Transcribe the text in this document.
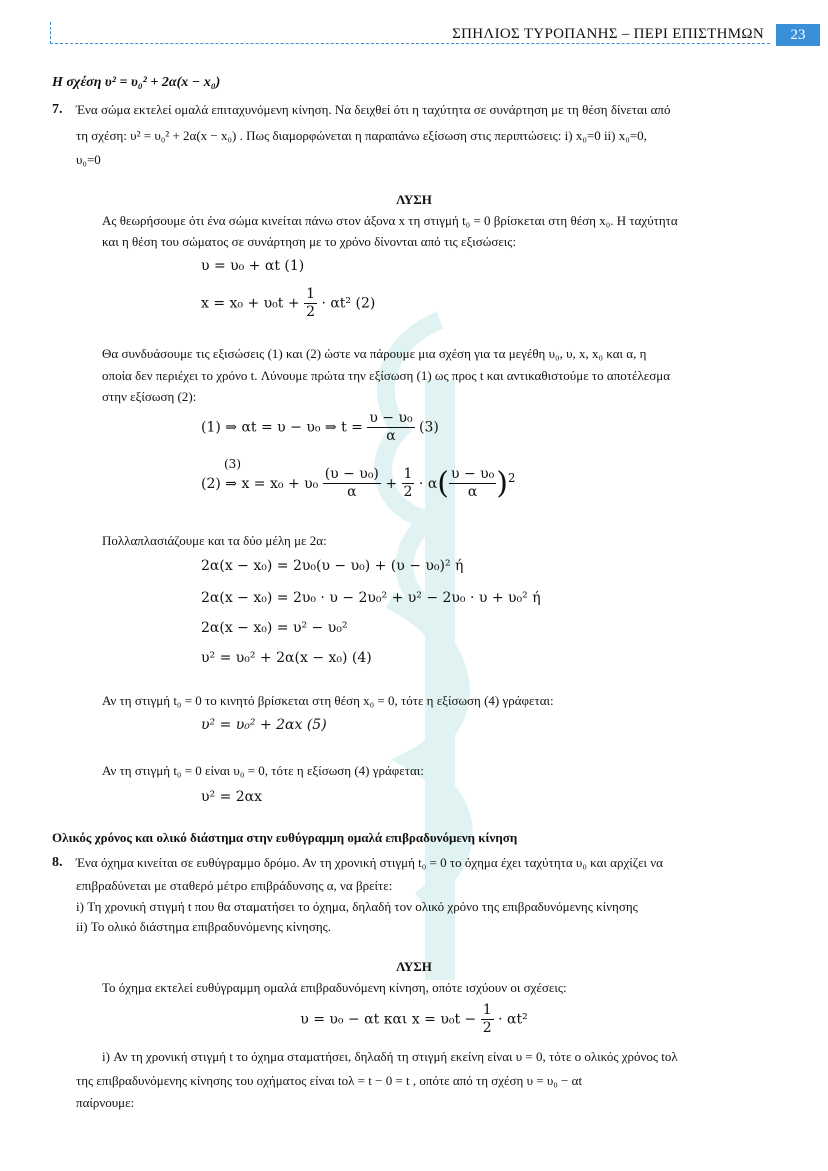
ΣΠΗΛΙΟΣ ΤΥΡΟΠΑΝΗΣ – ΠΕΡΙ ΕΠΙΣΤΗΜΩΝ	23
Η σχέση υ² = υ₀² + 2α(x − x₀)
7. Ένα σώμα εκτελεί ομαλά επιταχυνόμενη κίνηση. Να δειχθεί ότι η ταχύτητα σε συνάρτηση με τη θέση δίνεται από
τη σχέση: υ² = υ₀² + 2α(x − x₀) . Πως διαμορφώνεται η παραπάνω εξίσωση στις περιπτώσεις: i) x₀=0 ii) x₀=0,
υ₀=0
ΛΥΣΗ
Ας θεωρήσουμε ότι ένα σώμα κινείται πάνω στον άξονα x τη στιγμή t₀ = 0 βρίσκεται στη θέση x₀. Η ταχύτητα
και η θέση του σώματος σε συνάρτηση με το χρόνο δίνονται από τις εξισώσεις:
υ = υ₀ + αt (1)
$x = x_0 + \upsilon_0t + \frac{1}{2} \cdot \alpha t^2$ (2)
Θα συνδυάσουμε τις εξισώσεις (1) και (2) ώστε να πάρουμε μια σχέση για τα μεγέθη υ₀, υ, x, x₀ και α, η
οποία δεν περιέχει το χρόνο t. Λύνουμε πρώτα την εξίσωση (1) ως προς t και αντικαθιστούμε το αποτέλεσμα
στην εξίσωση (2):
(1) ⇒ αt = υ − υ₀ ⇒ $t = \frac{\text{υ − υ₀}}{\alpha} (3)$
(3)
(2) ⇒ $x = x_0 + \upsilon_0 \frac{\text{(υ − υ₀)}}{\alpha} + \frac{1}{2} \cdot \alpha( \frac{\text{υ − υ₀}}{\alpha} )^2$
Πολλαπλασιάζουμε και τα δύο μέλη με 2α:
2α(x − x₀) = 2υ₀(υ − υ₀) + (υ − υ₀)² ή
2α(x − x₀) = 2υ₀ · υ − 2υ₀² + υ² − 2υ₀ · υ + υ₀² ή
2α(x − x₀) = υ² − υ₀²
υ² = υ₀² + 2α(x − x₀) (4)
Αν τη στιγμή t₀ = 0 το κινητό βρίσκεται στη θέση x₀ = 0, τότε η εξίσωση (4) γράφεται:
υ² = υ₀² + 2αx (5)
Αν τη στιγμή t₀ = 0 είναι υ₀ = 0, τότε η εξίσωση (4) γράφεται:
υ² = 2αx
Ολικός χρόνος και ολικό διάστημα στην ευθύγραμμη ομαλά επιβραδυνόμενη κίνηση
8. Ένα όχημα κινείται σε ευθύγραμμο δρόμο. Αν τη χρονική στιγμή t₀ = 0 το όχημα έχει ταχύτητα υ₀ και αρχίζει να
επιβραδύνεται με σταθερό μέτρο επιβράδυνσης α, να βρείτε:
i) Τη χρονική στιγμή t που θα σταματήσει το όχημα, δηλαδή τον ολικό χρόνο της επιβραδυνόμενης κίνησης
ii) Το ολικό διάστημα επιβραδυνόμενης κίνησης.
ΛΥΣΗ
Το όχημα εκτελεί ευθύγραμμη ομαλά επιβραδυνόμενη κίνηση, οπότε ισχύουν οι σχέσεις:
υ = υ₀ − αt και $x = \upsilon_0t - \frac{1}{2} \cdot \alpha t^2$
i) Αν τη χρονική στιγμή t το όχημα σταματήσει, δηλαδή τη στιγμή εκείνη είναι υ = 0, τότε ο ολικός χρόνος tολ
της επιβραδυνόμενης κίνησης του οχήματος είναι tολ = t − 0 = t , οπότε από τη σχέση υ = υ₀ − αt
παίρνουμε:
